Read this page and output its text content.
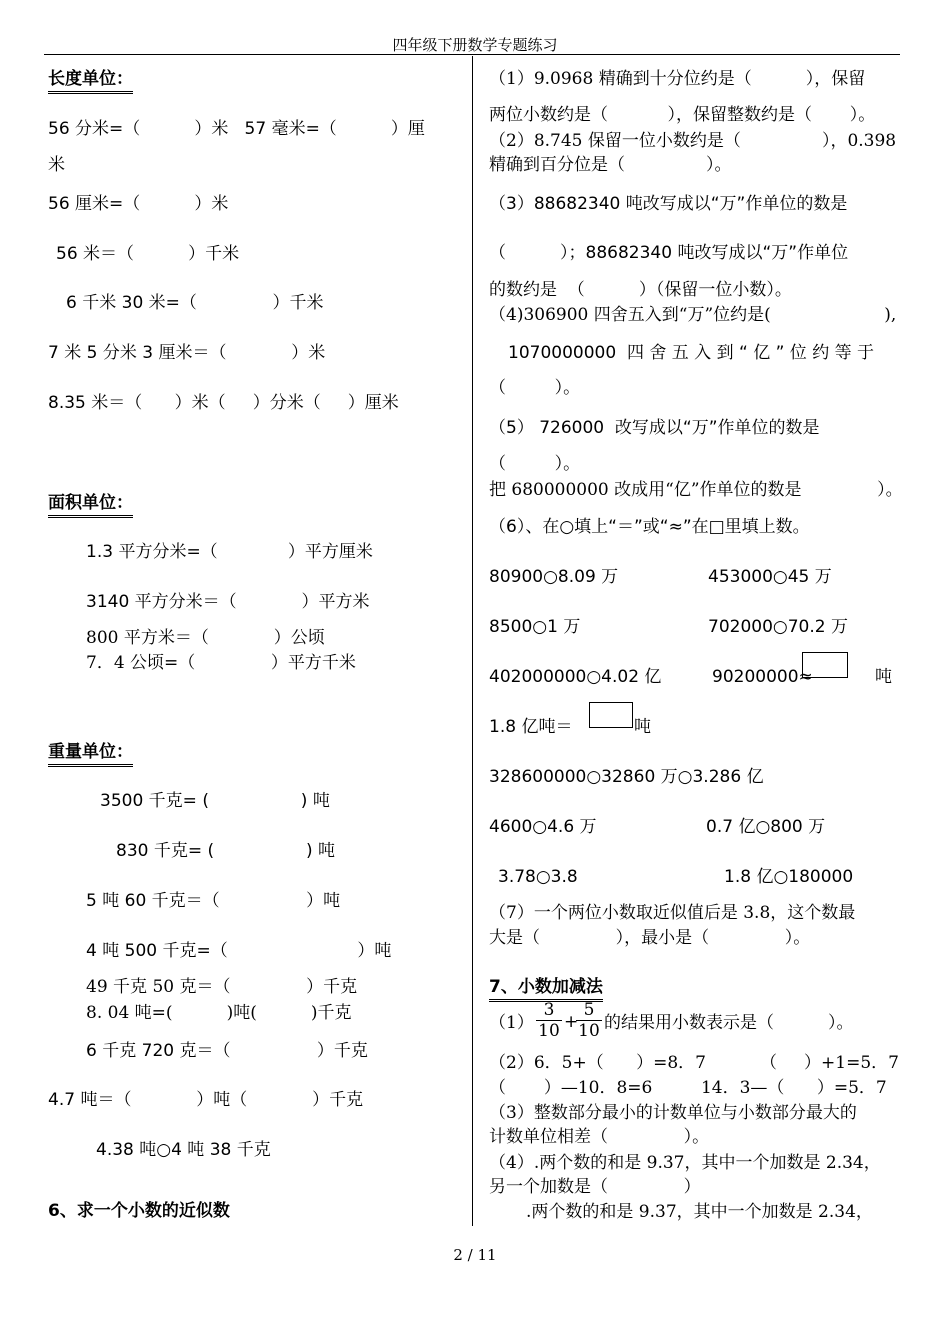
四年级下册数学专题练习
长度单位：
56 分米=（          ）米   57 毫米=（          ）厘
米
56 厘米=（          ）米
56 米＝（          ）千米
6 千米 30 米=（              ）千米
7 米 5 分米 3 厘米＝（            ）米
8.35 米＝（      ）米（     ）分米（     ）厘米
面积单位：
1.3 平方分米=（             ）平方厘米
3140 平方分米＝（            ）平方米
800 平方米＝（            ）公顷
7．4 公顷=（              ）平方千米
重量单位：
3500 千克= (                 ) 吨
830 千克= (                 ) 吨
5 吨 60 千克＝（                ）吨
4 吨 500 千克=（                        ）吨
49 千克 50 克＝（              ）千克
8. 04 吨=(          )吨(          )千克
6 千克 720 克＝（                ）千克
4.7 吨＝（            ）吨（            ）千克
4.38 吨○4 吨 38 千克
6、求一个小数的近似数
（1）9.0968 精确到十分位约是（          ），保留
两位小数约是（           ），保留整数约是（       ）。
（2）8.745 保留一位小数约是（               ），0.398
精确到百分位是（               ）。
（3）88682340 吨改写成以“万”作单位的数是
（          ）；88682340 吨改写成以“万”作单位
的数约是  （          ）（保留一位小数）。
（4)306900 四舍五入到“万”位约是(                     ),
1070000000  四 舍 五 入 到 “ 亿 ” 位 约 等 于
（         ）。
（5） 726000  改写成以“万”作单位的数是
（         ）。
把 680000000 改成用“亿”作单位的数是              ）。
（6）、在○填上“＝”或“≈”在□里填上数。
80900○8.09 万	453000○45 万
8500○1 万	702000○70.2 万
402000000○4.02 亿	90200000≈	吨
1.8 亿吨＝	吨
328600000○32860 万○3.286 亿
4600○4.6 万	0.7 亿○800 万
3.78○3.8	1.8 亿○180000
（7）一个两位小数取近似值后是 3.8，这个数最
大是（              ），最小是（              ）。
7、小数加减法
$(1) \frac{3}{10}$ +
$\frac{5}{10}$ 的结果用小数表示是（          ）。
（2）6．5+（      ）=8．7          （     ）+1=5．7
（       ）—10．8=6         14．3—（      ）=5．7
（3）整数部分最小的计数单位与小数部分最大的
计数单位相差（              ）。
（4）.两个数的和是 9.37，其中一个加数是 2.34，
另一个加数是（              ）
.两个数的和是 9.37，其中一个加数是 2.34，
2 / 11
